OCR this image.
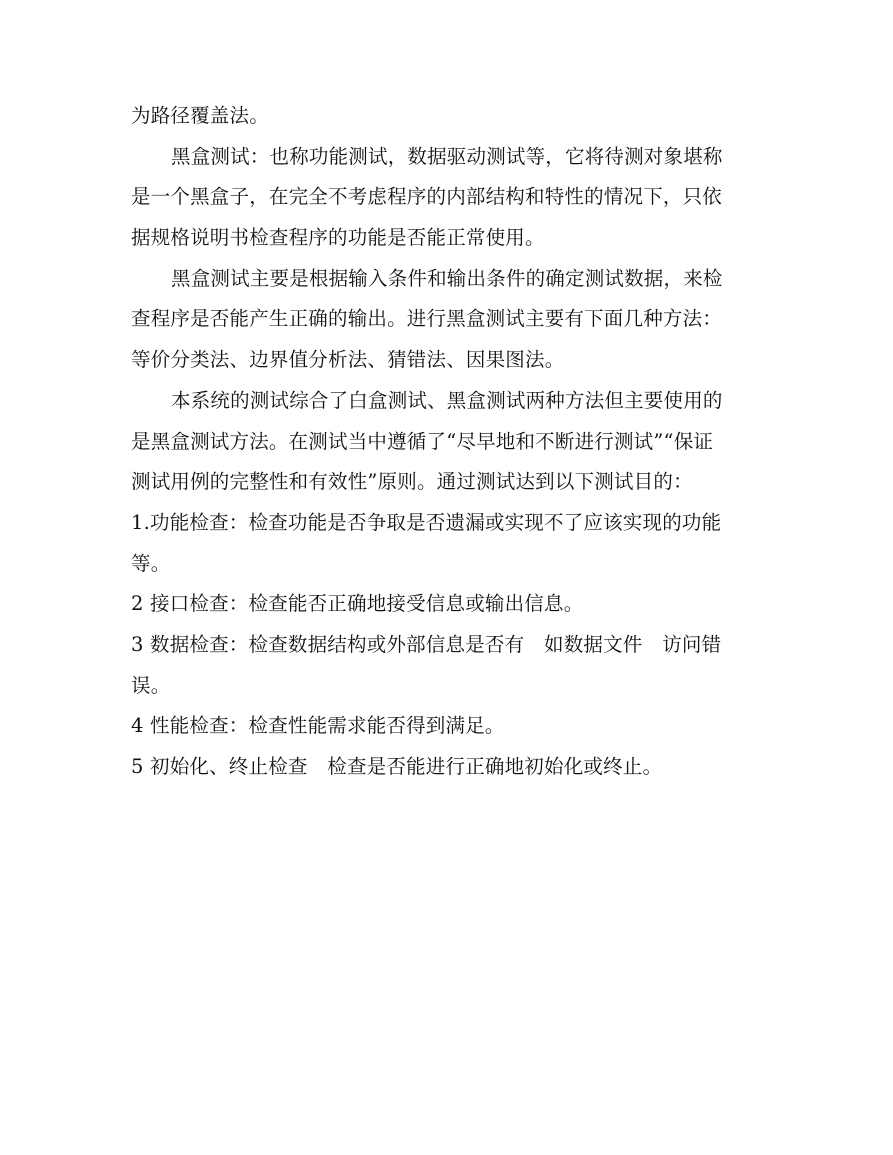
为路径覆盖法。
黑盒测试：也称功能测试，数据驱动测试等，它将待测对象堪称
是一个黑盒子，在完全不考虑程序的内部结构和特性的情况下，只依
据规格说明书检查程序的功能是否能正常使用。
黑盒测试主要是根据输入条件和输出条件的确定测试数据，来检
查程序是否能产生正确的输出。进行黑盒测试主要有下面几种方法：
等价分类法、边界值分析法、猜错法、因果图法。
本系统的测试综合了白盒测试、黑盒测试两种方法但主要使用的
是黑盒测试方法。在测试当中遵循了“尽早地和不断进行测试”“保证
测试用例的完整性和有效性”原则。通过测试达到以下测试目的：
1.功能检查：检查功能是否争取是否遗漏或实现不了应该实现的功能
等。
2 接口检查：检查能否正确地接受信息或输出信息。
3 数据检查：检查数据结构或外部信息是否有　如数据文件　访问错
误。
4 性能检查：检查性能需求能否得到满足。
5 初始化、终止检查　检查是否能进行正确地初始化或终止。
